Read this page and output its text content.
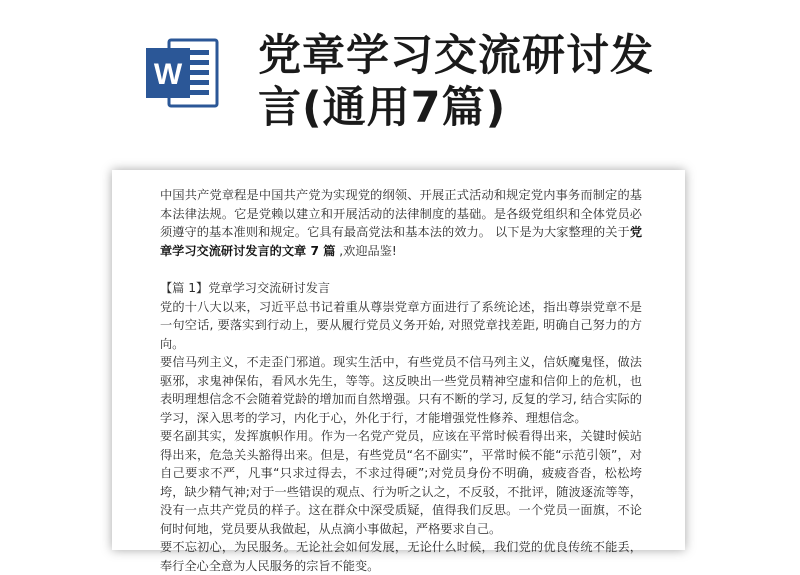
W 党章学习交流研讨发
言(通用7篇)

中国共产党章程是中国共产党为实现党的纲领、开展正式活动和规定党内事务而制定的基本法律法规。它是党赖以建立和开展活动的法律制度的基础。是各级党组织和全体党员必须遵守的基本准则和规定。它具有最高党法和基本法的效力。 以下是为大家整理的关于党章学习交流研讨发言的文章 7 篇 ,欢迎品鉴!

【篇 1】党章学习交流研讨发言

党的十八大以来，习近平总书记着重从尊崇党章方面进行了系统论述，指出尊崇党章不是一句空话, 要落实到行动上，要从履行党员义务开始, 对照党章找差距, 明确自己努力的方向。

要信马列主义，不走歪门邪道。现实生活中，有些党员不信马列主义，信妖魔鬼怪，做法驱邪，求鬼神保佑，看风水先生，等等。这反映出一些党员精神空虚和信仰上的危机，也表明理想信念不会随着党龄的增加而自然增强。只有不断的学习, 反复的学习, 结合实际的学习，深入思考的学习，内化于心，外化于行，才能增强党性修养、理想信念。

要名副其实，发挥旗帜作用。作为一名党产党员，应该在平常时候看得出来，关键时候站得出来，危急关头豁得出来。但是，有些党员“名不副实”，平常时候不能“示范引领”，对自己要求不严，凡事“只求过得去，不求过得硬”;对党员身份不明确，疲疲沓沓，松松垮垮，缺少精气神;对于一些错误的观点、行为听之认之，不反驳，不批评，随波逐流等等，没有一点共产党员的样子。这在群众中深受质疑，值得我们反思。一个党员一面旗，不论何时何地，党员要从我做起，从点滴小事做起，严格要求自己。

要不忘初心，为民服务。无论社会如何发展，无论什么时候，我们党的优良传统不能丢，奉行全心全意为人民服务的宗旨不能变。
